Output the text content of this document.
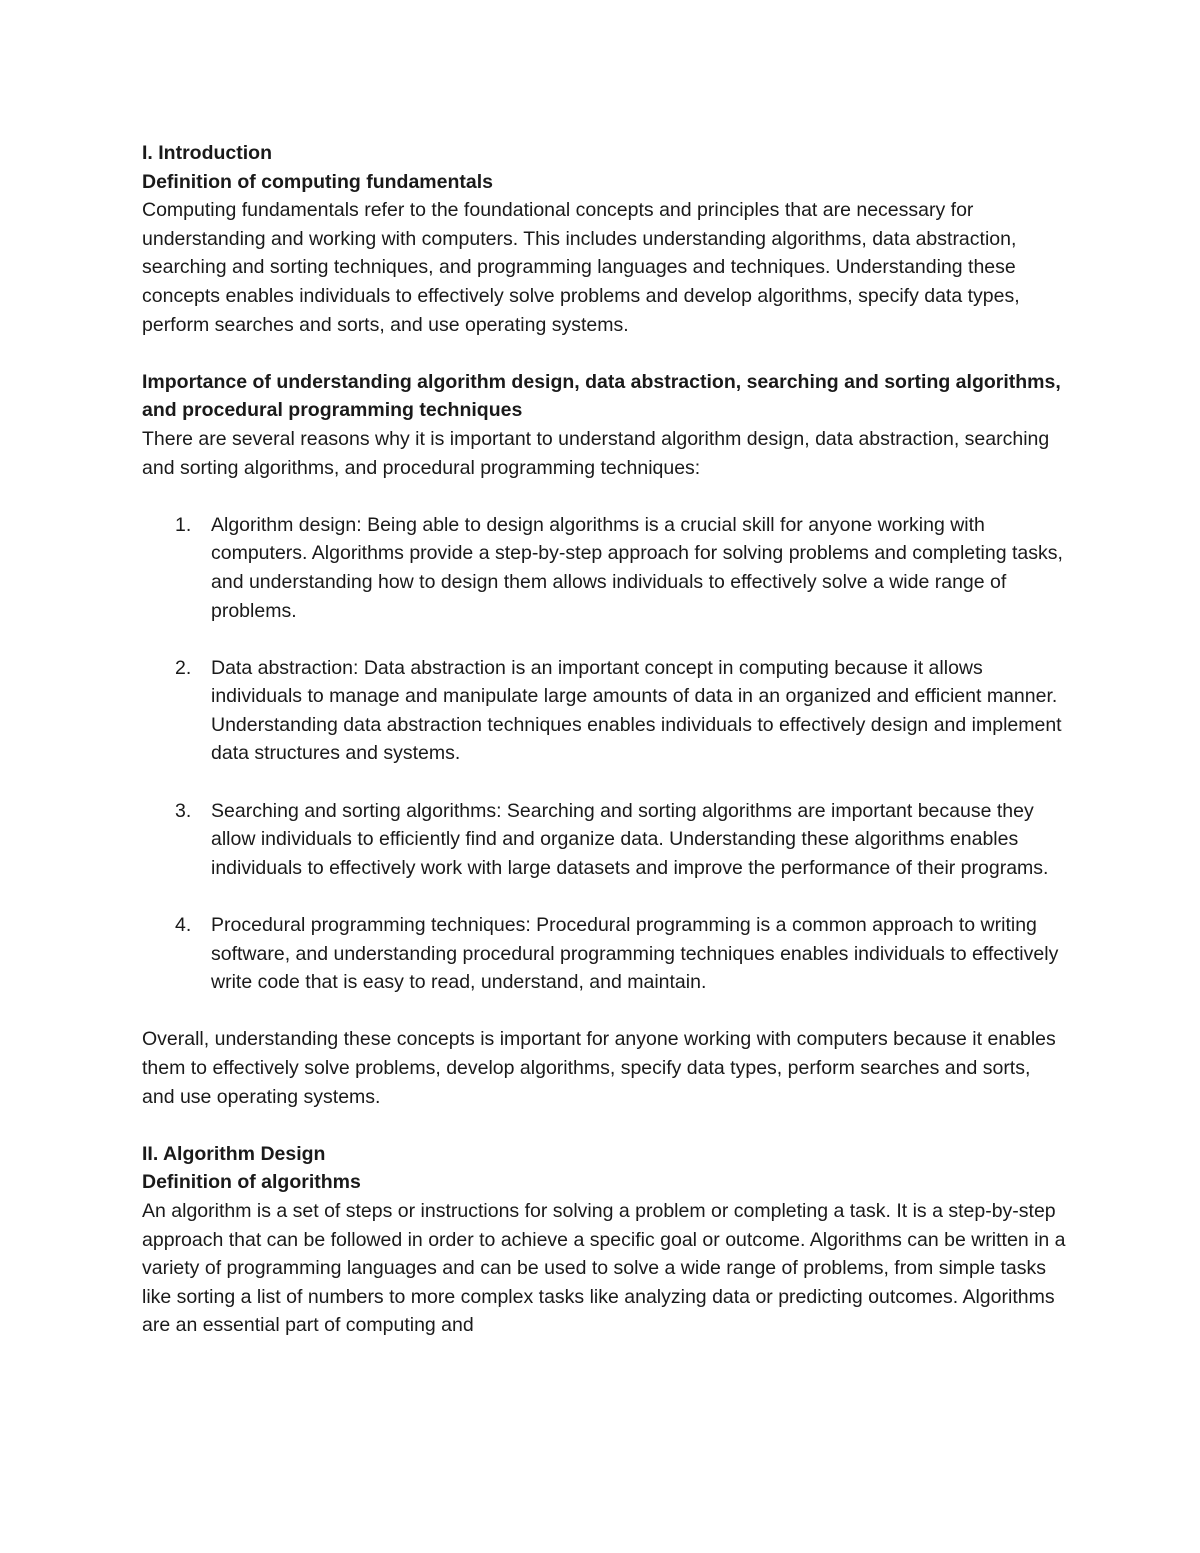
I. Introduction

Definition of computing fundamentals

Computing fundamentals refer to the foundational concepts and principles that are necessary for understanding and working with computers. This includes understanding algorithms, data abstraction, searching and sorting techniques, and programming languages and techniques. Understanding these concepts enables individuals to effectively solve problems and develop algorithms, specify data types, perform searches and sorts, and use operating systems.

Importance of understanding algorithm design, data abstraction, searching and sorting algorithms, and procedural programming techniques

There are several reasons why it is important to understand algorithm design, data abstraction, searching and sorting algorithms, and procedural programming techniques:

1. Algorithm design: Being able to design algorithms is a crucial skill for anyone working with computers. Algorithms provide a step-by-step approach for solving problems and completing tasks, and understanding how to design them allows individuals to effectively solve a wide range of problems.
2. Data abstraction: Data abstraction is an important concept in computing because it allows individuals to manage and manipulate large amounts of data in an organized and efficient manner. Understanding data abstraction techniques enables individuals to effectively design and implement data structures and systems.
3. Searching and sorting algorithms: Searching and sorting algorithms are important because they allow individuals to efficiently find and organize data. Understanding these algorithms enables individuals to effectively work with large datasets and improve the performance of their programs.
4. Procedural programming techniques: Procedural programming is a common approach to writing software, and understanding procedural programming techniques enables individuals to effectively write code that is easy to read, understand, and maintain.

Overall, understanding these concepts is important for anyone working with computers because it enables them to effectively solve problems, develop algorithms, specify data types, perform searches and sorts, and use operating systems.

II. Algorithm Design

Definition of algorithms

An algorithm is a set of steps or instructions for solving a problem or completing a task. It is a step-by-step approach that can be followed in order to achieve a specific goal or outcome. Algorithms can be written in a variety of programming languages and can be used to solve a wide range of problems, from simple tasks like sorting a list of numbers to more complex tasks like analyzing data or predicting outcomes. Algorithms are an essential part of computing and
